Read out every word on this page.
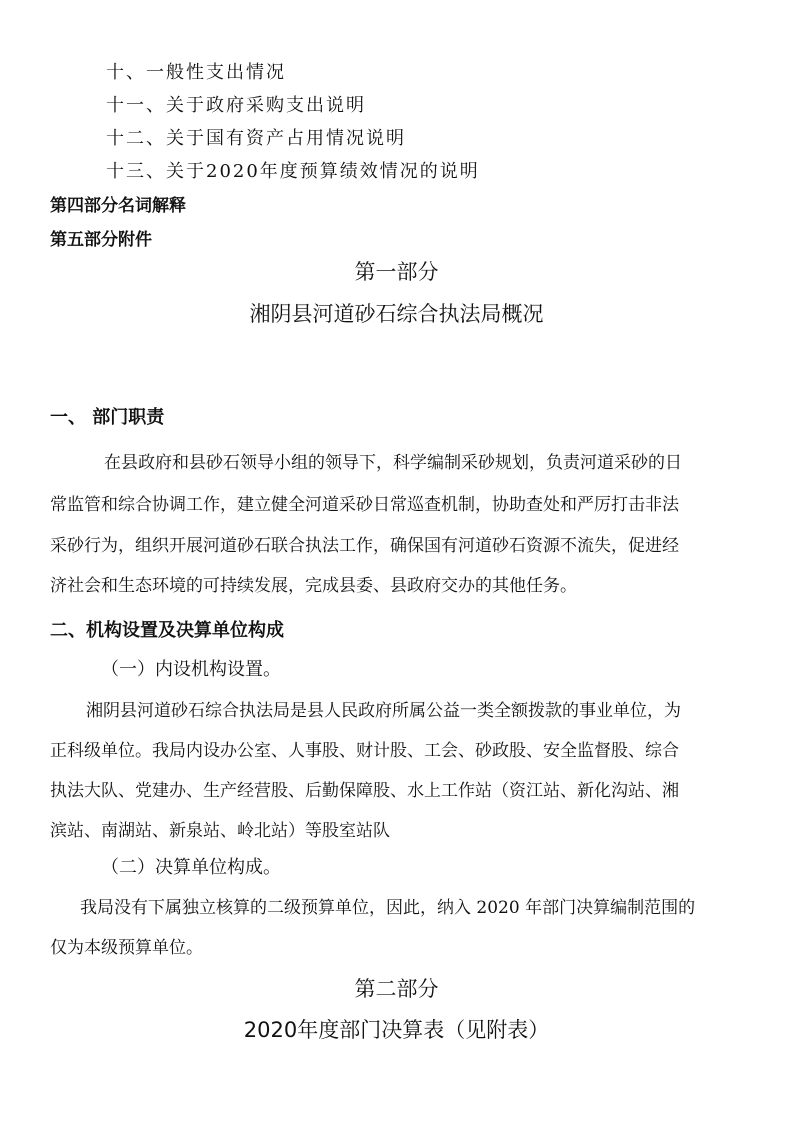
十、一般性支出情况

十一、关于政府采购支出说明

十二、关于国有资产占用情况说明

十三、关于2020年度预算绩效情况的说明

第四部分名词解释

第五部分附件

第一部分

湘阴县河道砂石综合执法局概况

一、 部门职责

在县政府和县砂石领导小组的领导下，科学编制采砂规划，负责河道采砂的日

常监管和综合协调工作，建立健全河道采砂日常巡查机制，协助查处和严厉打击非法

采砂行为，组织开展河道砂石联合执法工作，确保国有河道砂石资源不流失，促进经

济社会和生态环境的可持续发展，完成县委、县政府交办的其他任务。

二、机构设置及决算单位构成

（一）内设机构设置。

湘阴县河道砂石综合执法局是县人民政府所属公益一类全额拨款的事业单位，为

正科级单位。我局内设办公室、人事股、财计股、工会、砂政股、安全监督股、综合

执法大队、党建办、生产经营股、后勤保障股、水上工作站（资江站、新化沟站、湘

滨站、南湖站、新泉站、岭北站）等股室站队

（二）决算单位构成。

我局没有下属独立核算的二级预算单位，因此，纳入 2020 年部门决算编制范围的

仅为本级预算单位。

第二部分

2020年度部门决算表（见附表）
